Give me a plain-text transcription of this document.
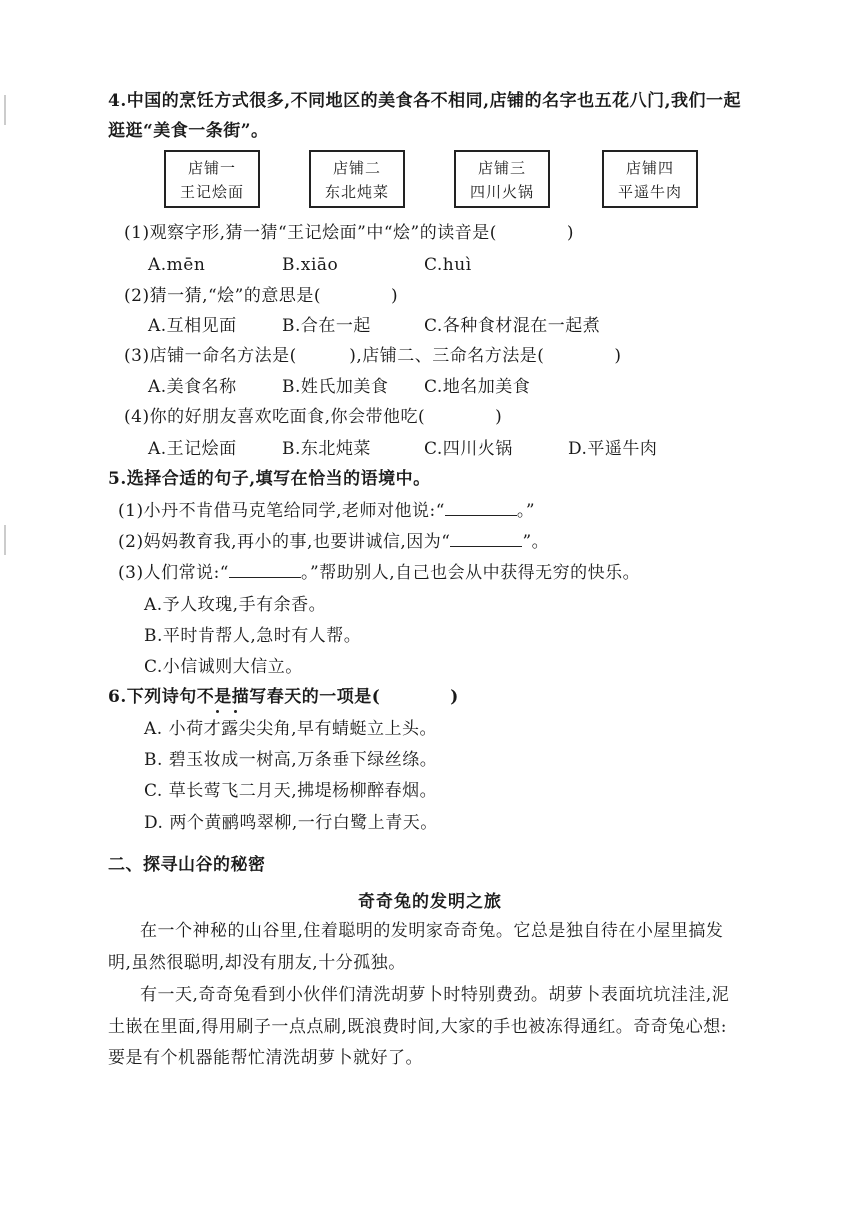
4.中国的烹饪方式很多,不同地区的美食各不相同,店铺的名字也五花八门,我们一起
逛逛“美食一条街”。
店铺一
王记烩面
店铺二
东北炖菜
店铺三
四川火锅
店铺四
平遥牛肉
(1)观察字形,猜一猜“王记烩面”中“烩”的读音是(　　　　)
A.mēn	B.xiāo	C.huì
(2)猜一猜,“烩”的意思是(　　　　)
A.互相见面	B.合在一起	C.各种食材混在一起煮
(3)店铺一命名方法是(　　　),店铺二、三命名方法是(　　　　)
A.美食名称	B.姓氏加美食 C.地名加美食
(4)你的好朋友喜欢吃面食,你会带他吃(　　　　)
A.王记烩面	B.东北炖菜	C.四川火锅	D.平遥牛肉
5.选择合适的句子,填写在恰当的语境中。
(1)小丹不肯借马克笔给同学,老师对他说:“	。”
(2)妈妈教育我,再小的事,也要讲诚信,因为“	”。
(3)人们常说:“	。”帮助别人,自己也会从中获得无穷的快乐。
A.予人玫瑰,手有余香。
B.平时肯帮人,急时有人帮。
C.小信诚则大信立。
6.下列诗句不是描写春天的一项是(　　　　)
A. 小荷才露尖尖角,早有蜻蜓立上头。
B. 碧玉妆成一树高,万条垂下绿丝绦。
C. 草长莺飞二月天,拂堤杨柳醉春烟。
D. 两个黄鹂鸣翠柳,一行白鹭上青天。
二、探寻山谷的秘密
奇奇兔的发明之旅
在一个神秘的山谷里,住着聪明的发明家奇奇兔。它总是独自待在小屋里搞发
明,虽然很聪明,却没有朋友,十分孤独。
有一天,奇奇兔看到小伙伴们清洗胡萝卜时特别费劲。胡萝卜表面坑坑洼洼,泥
土嵌在里面,得用刷子一点点刷,既浪费时间,大家的手也被冻得通红。奇奇兔心想:
要是有个机器能帮忙清洗胡萝卜就好了。
